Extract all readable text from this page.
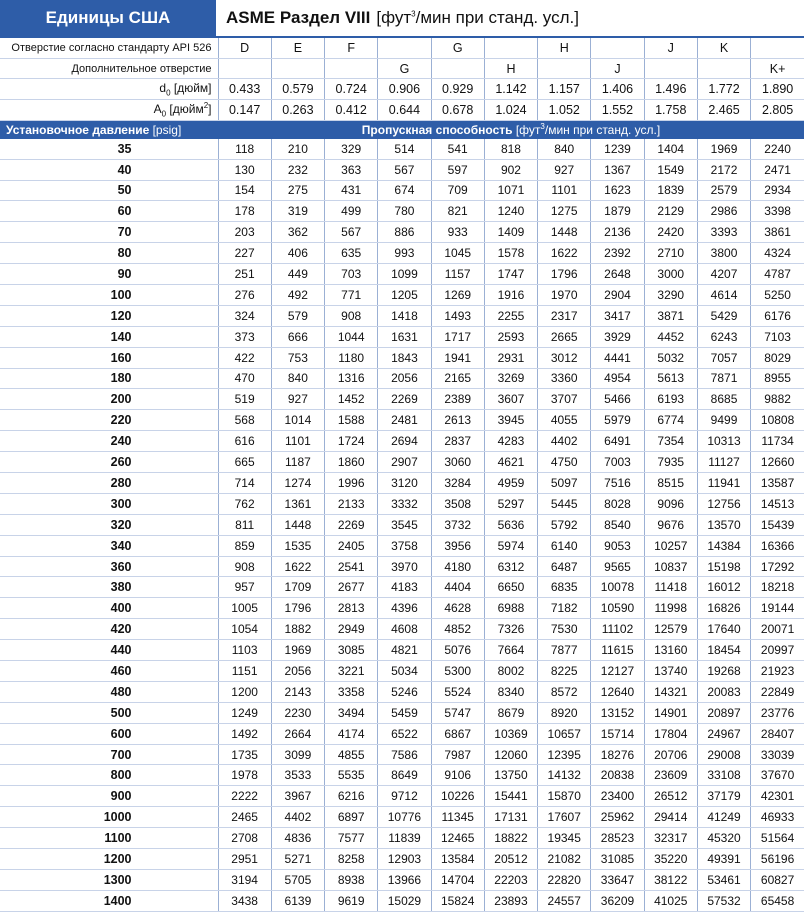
Единицы США	ASME Раздел VIII [фут$^3$/мин при станд. усл.]
Отверстие согласно стандарту API 526	D	E	F		G		H		J	K	
Дополнительное отверстие				G		H		J			K+
$d_0$ [дюйм]	0.433	0.579	0.724	0.906	0.929	1.142	1.157	1.406	1.496	1.772	1.890
$A_0$ [дюйм$^2$]	0.147	0.263	0.412	0.644	0.678	1.024	1.052	1.552	1.758	2.465	2.805
Установочное давление [psig]	Пропускная способность [фут$^3$/мин при станд. усл.]										
35	118	210	329	514	541	818	840	1239	1404	1969	2240
40	130	232	363	567	597	902	927	1367	1549	2172	2471
50	154	275	431	674	709	1071	1101	1623	1839	2579	2934
60	178	319	499	780	821	1240	1275	1879	2129	2986	3398
70	203	362	567	886	933	1409	1448	2136	2420	3393	3861
80	227	406	635	993	1045	1578	1622	2392	2710	3800	4324
90	251	449	703	1099	1157	1747	1796	2648	3000	4207	4787
100	276	492	771	1205	1269	1916	1970	2904	3290	4614	5250
120	324	579	908	1418	1493	2255	2317	3417	3871	5429	6176
140	373	666	1044	1631	1717	2593	2665	3929	4452	6243	7103
160	422	753	1180	1843	1941	2931	3012	4441	5032	7057	8029
180	470	840	1316	2056	2165	3269	3360	4954	5613	7871	8955
200	519	927	1452	2269	2389	3607	3707	5466	6193	8685	9882
220	568	1014	1588	2481	2613	3945	4055	5979	6774	9499	10808
240	616	1101	1724	2694	2837	4283	4402	6491	7354	10313	11734
260	665	1187	1860	2907	3060	4621	4750	7003	7935	11127	12660
280	714	1274	1996	3120	3284	4959	5097	7516	8515	11941	13587
300	762	1361	2133	3332	3508	5297	5445	8028	9096	12756	14513
320	811	1448	2269	3545	3732	5636	5792	8540	9676	13570	15439
340	859	1535	2405	3758	3956	5974	6140	9053	10257	14384	16366
360	908	1622	2541	3970	4180	6312	6487	9565	10837	15198	17292
380	957	1709	2677	4183	4404	6650	6835	10078	11418	16012	18218
400	1005	1796	2813	4396	4628	6988	7182	10590	11998	16826	19144
420	1054	1882	2949	4608	4852	7326	7530	11102	12579	17640	20071
440	1103	1969	3085	4821	5076	7664	7877	11615	13160	18454	20997
460	1151	2056	3221	5034	5300	8002	8225	12127	13740	19268	21923
480	1200	2143	3358	5246	5524	8340	8572	12640	14321	20083	22849
500	1249	2230	3494	5459	5747	8679	8920	13152	14901	20897	23776
600	1492	2664	4174	6522	6867	10369	10657	15714	17804	24967	28407
700	1735	3099	4855	7586	7987	12060	12395	18276	20706	29008	33039
800	1978	3533	5535	8649	9106	13750	14132	20838	23609	33108	37670
900	2222	3967	6216	9712	10226	15441	15870	23400	26512	37179	42301
1000	2465	4402	6897	10776	11345	17131	17607	25962	29414	41249	46933
1100	2708	4836	7577	11839	12465	18822	19345	28523	32317	45320	51564
1200	2951	5271	8258	12903	13584	20512	21082	31085	35220	49391	56196
1300	3194	5705	8938	13966	14704	22203	22820	33647	38122	53461	60827
1400	3438	6139	9619	15029	15824	23893	24557	36209	41025	57532	65458
